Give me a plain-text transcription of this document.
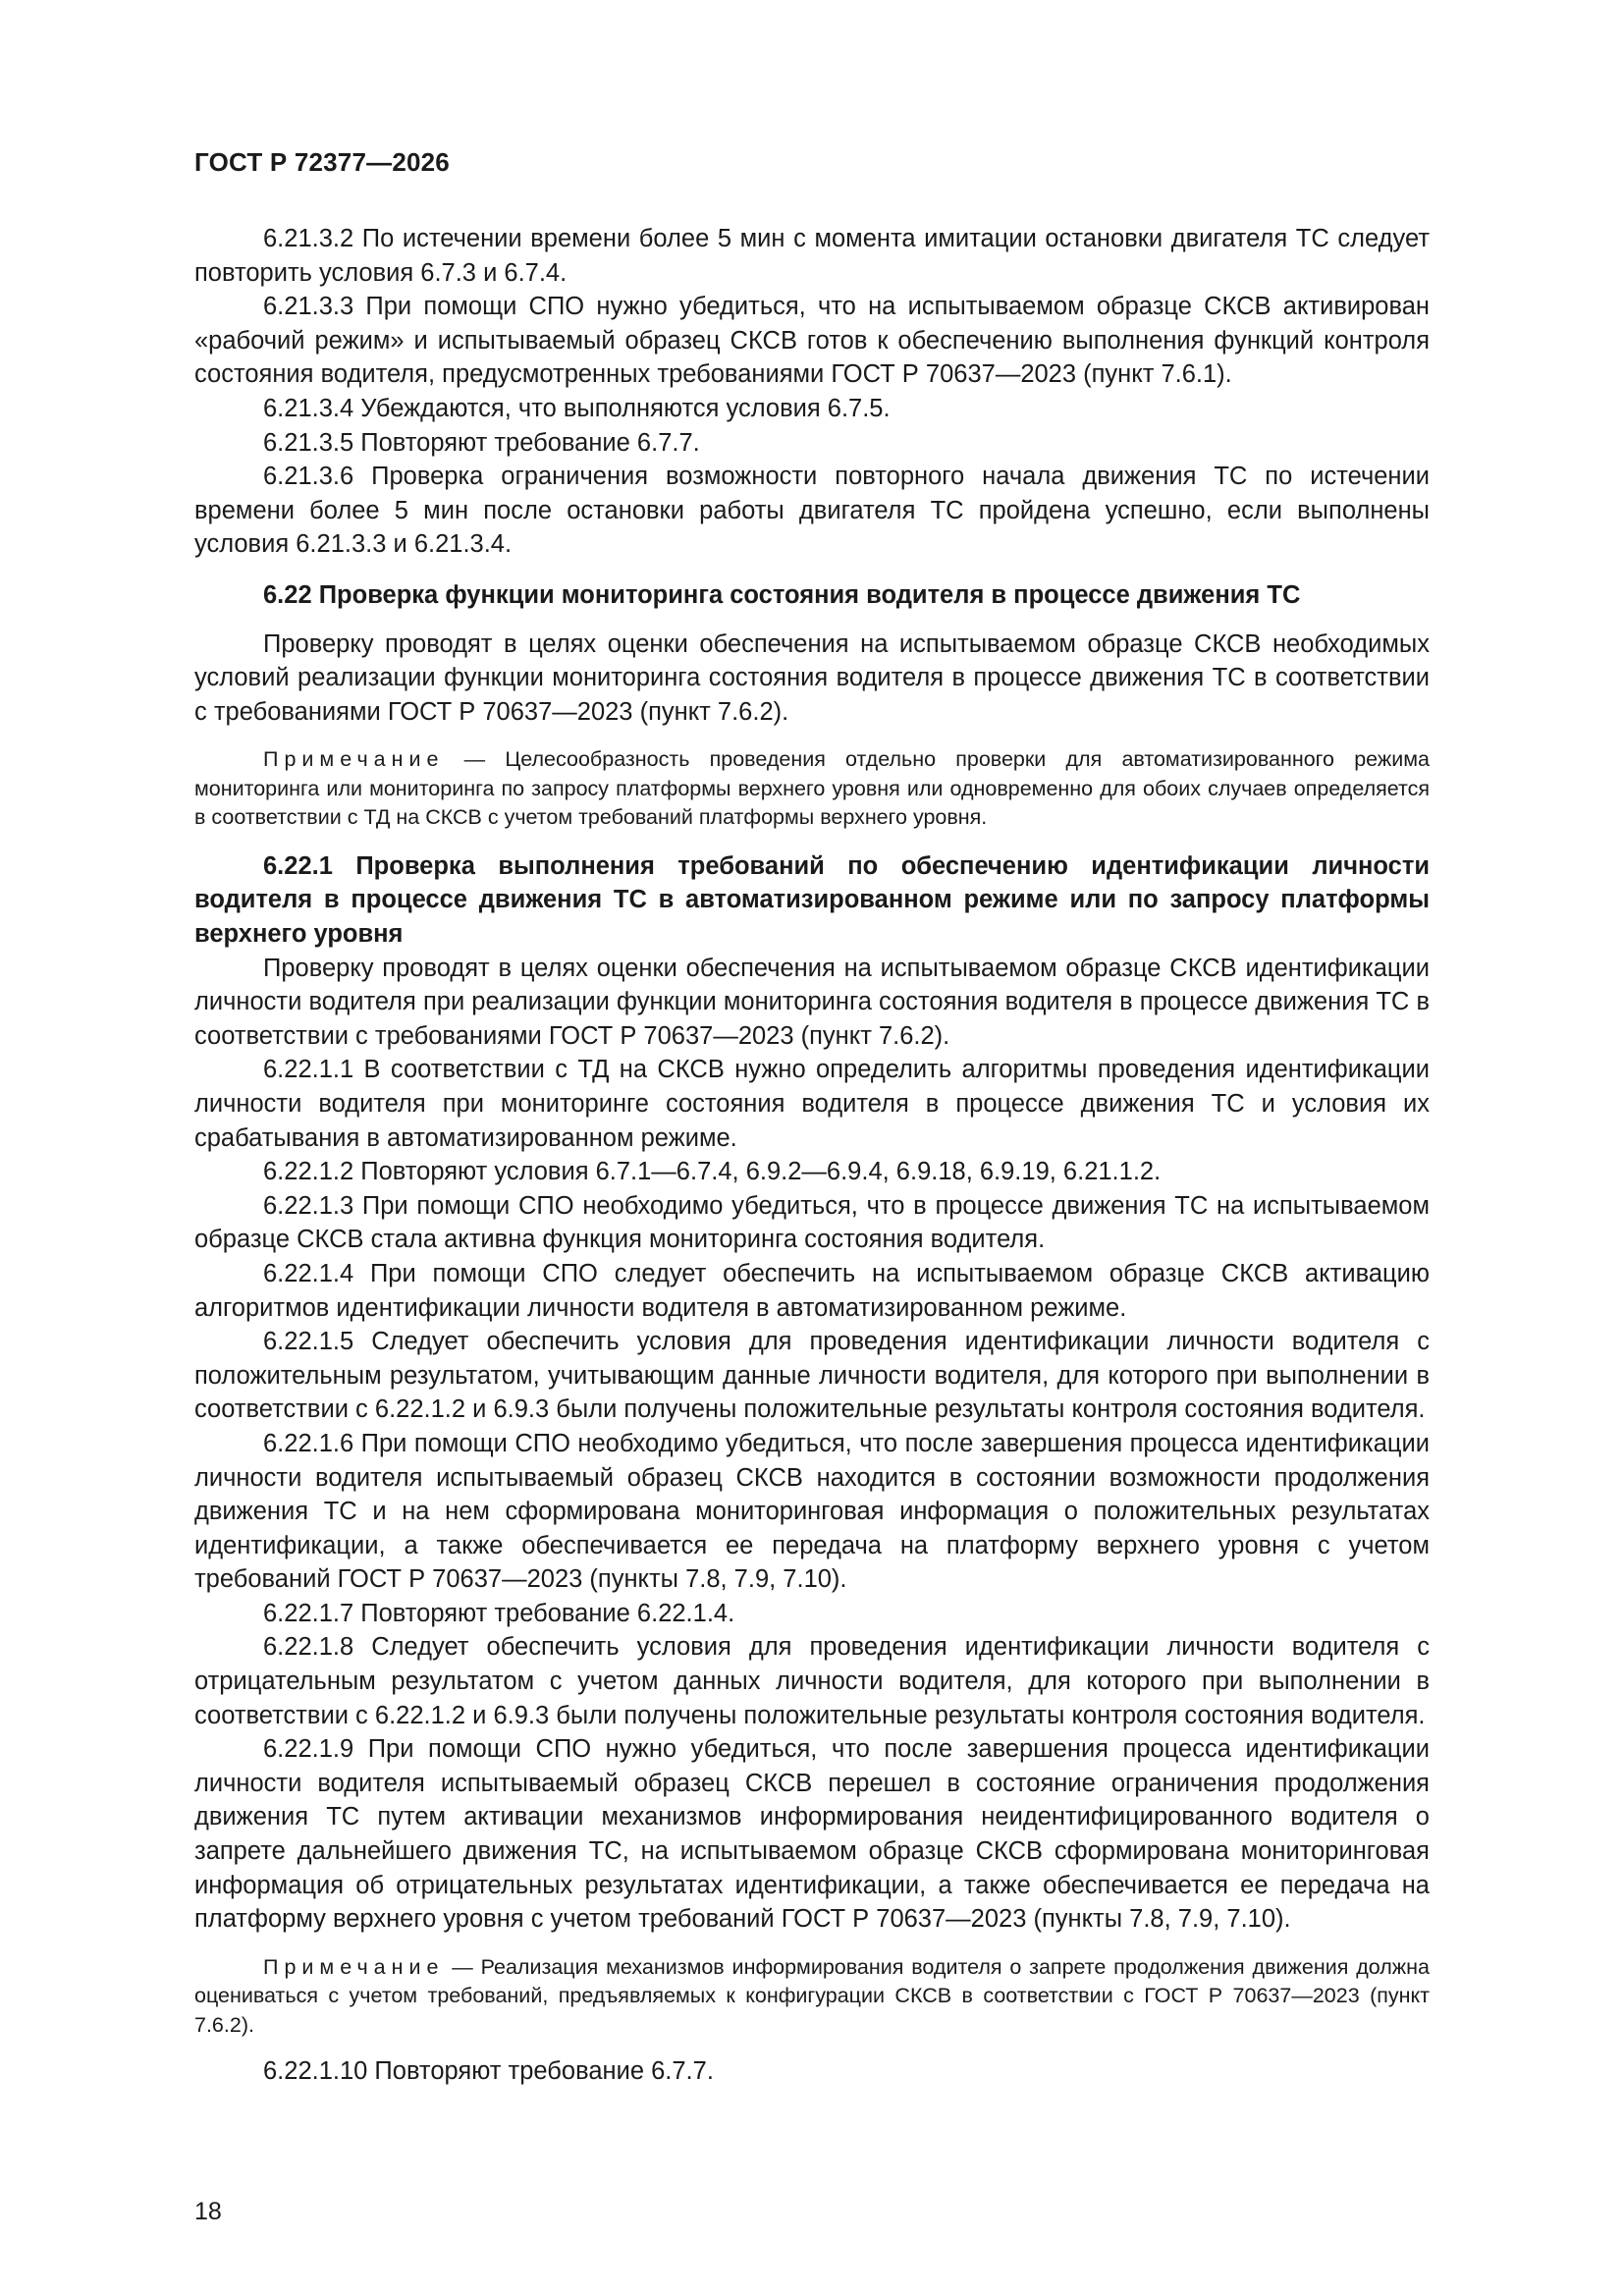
ГОСТ Р 72377—2026

6.21.3.2 По истечении времени более 5 мин с момента имитации остановки двигателя ТС следует повторить условия 6.7.3 и 6.7.4.

6.21.3.3 При помощи СПО нужно убедиться, что на испытываемом образце СКСВ активирован «рабочий режим» и испытываемый образец СКСВ готов к обеспечению выполнения функций контроля состояния водителя, предусмотренных требованиями ГОСТ Р 70637—2023 (пункт 7.6.1).

6.21.3.4 Убеждаются, что выполняются условия 6.7.5.

6.21.3.5 Повторяют требование 6.7.7.

6.21.3.6 Проверка ограничения возможности повторного начала движения ТС по истечении времени более 5 мин после остановки работы двигателя ТС пройдена успешно, если выполнены условия 6.21.3.3 и 6.21.3.4.

6.22 Проверка функции мониторинга состояния водителя в процессе движения ТС

Проверку проводят в целях оценки обеспечения на испытываемом образце СКСВ необходимых условий реализации функции мониторинга состояния водителя в процессе движения ТС в соответствии с требованиями ГОСТ Р 70637—2023 (пункт 7.6.2).

Примечание — Целесообразность проведения отдельно проверки для автоматизированного режима мониторинга или мониторинга по запросу платформы верхнего уровня или одновременно для обоих случаев определяется в соответствии с ТД на СКСВ с учетом требований платформы верхнего уровня.

6.22.1 Проверка выполнения требований по обеспечению идентификации личности водителя в процессе движения ТС в автоматизированном режиме или по запросу платформы верхнего уровня

Проверку проводят в целях оценки обеспечения на испытываемом образце СКСВ идентификации личности водителя при реализации функции мониторинга состояния водителя в процессе движения ТС в соответствии с требованиями ГОСТ Р 70637—2023 (пункт 7.6.2).

6.22.1.1 В соответствии с ТД на СКСВ нужно определить алгоритмы проведения идентификации личности водителя при мониторинге состояния водителя в процессе движения ТС и условия их срабатывания в автоматизированном режиме.

6.22.1.2 Повторяют условия 6.7.1—6.7.4, 6.9.2—6.9.4, 6.9.18, 6.9.19, 6.21.1.2.

6.22.1.3 При помощи СПО необходимо убедиться, что в процессе движения ТС на испытываемом образце СКСВ стала активна функция мониторинга состояния водителя.

6.22.1.4 При помощи СПО следует обеспечить на испытываемом образце СКСВ активацию алгоритмов идентификации личности водителя в автоматизированном режиме.

6.22.1.5 Следует обеспечить условия для проведения идентификации личности водителя с положительным результатом, учитывающим данные личности водителя, для которого при выполнении в соответствии с 6.22.1.2 и 6.9.3 были получены положительные результаты контроля состояния водителя.

6.22.1.6 При помощи СПО необходимо убедиться, что после завершения процесса идентификации личности водителя испытываемый образец СКСВ находится в состоянии возможности продолжения движения ТС и на нем сформирована мониторинговая информация о положительных результатах идентификации, а также обеспечивается ее передача на платформу верхнего уровня с учетом требований ГОСТ Р 70637—2023 (пункты 7.8, 7.9, 7.10).

6.22.1.7 Повторяют требование 6.22.1.4.

6.22.1.8 Следует обеспечить условия для проведения идентификации личности водителя с отрицательным результатом с учетом данных личности водителя, для которого при выполнении в соответствии с 6.22.1.2 и 6.9.3 были получены положительные результаты контроля состояния водителя.

6.22.1.9 При помощи СПО нужно убедиться, что после завершения процесса идентификации личности водителя испытываемый образец СКСВ перешел в состояние ограничения продолжения движения ТС путем активации механизмов информирования неидентифицированного водителя о запрете дальнейшего движения ТС, на испытываемом образце СКСВ сформирована мониторинговая информация об отрицательных результатах идентификации, а также обеспечивается ее передача на платформу верхнего уровня с учетом требований ГОСТ Р 70637—2023 (пункты 7.8, 7.9, 7.10).

Примечание — Реализация механизмов информирования водителя о запрете продолжения движения должна оцениваться с учетом требований, предъявляемых к конфигурации СКСВ в соответствии с ГОСТ Р 70637—2023 (пункт 7.6.2).

6.22.1.10 Повторяют требование 6.7.7.

18
